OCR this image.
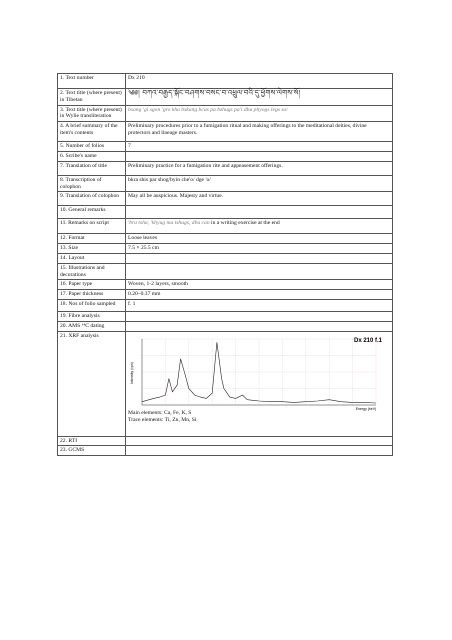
1. Text number	Dx 210
2. Text title (where present) in Tibetan	༄༅། བཀའ་བརྒྱད་སྐོང་བཤགས་བསང་བ་འཕྲུལ་བའི་དུ་ཕྱོགས་ལེགས་སོ།
3. Text title (where present) in Wylie transliteration	bsang 'gi sgon 'gro kha bskang bcas pa bzhugs pa'i dbu phyogs legs so/
4. A brief summary of the item's contents	Preliminary procedures prior to a fumigation ritual and making offerings to the meditational deities, divine protectors and lineage masters.
5. Number of folios	7
6. Scribe's name	
7. Translation of title	Preliminary practice for a fumigation rite and appeasement offerings.
8. Transcription of colophon	bkra shis par shog/byin che'o/ dge 'o/
9. Translation of colophon	May all be auspicious. Majesty and virtue.
10. General remarks	
11. Remarks on script	'bru tsha, 'khyug ma tshugs, dbu can in a writing exercise at the end
12. Format	Loose leaves
13. Size	7.5 × 25.5 cm
14. Layout	
15. Illustrations and decorations	
16. Paper type	Woven, 1-2 layers, smooth
17. Paper thickness	0.20–0.37 mm
18. Nos of folio sampled	f. 1
19. Fibre analysis	
20. AMS ¹⁴C dating	
21. XRF analysis	Dx 210 f.1
Intensity (cps)
Energy (keV)
Main elements: Ca, Fe, K, S
Trace elements: Ti, Zn, Mn, Si

22. RTI	
23. GCMS	
